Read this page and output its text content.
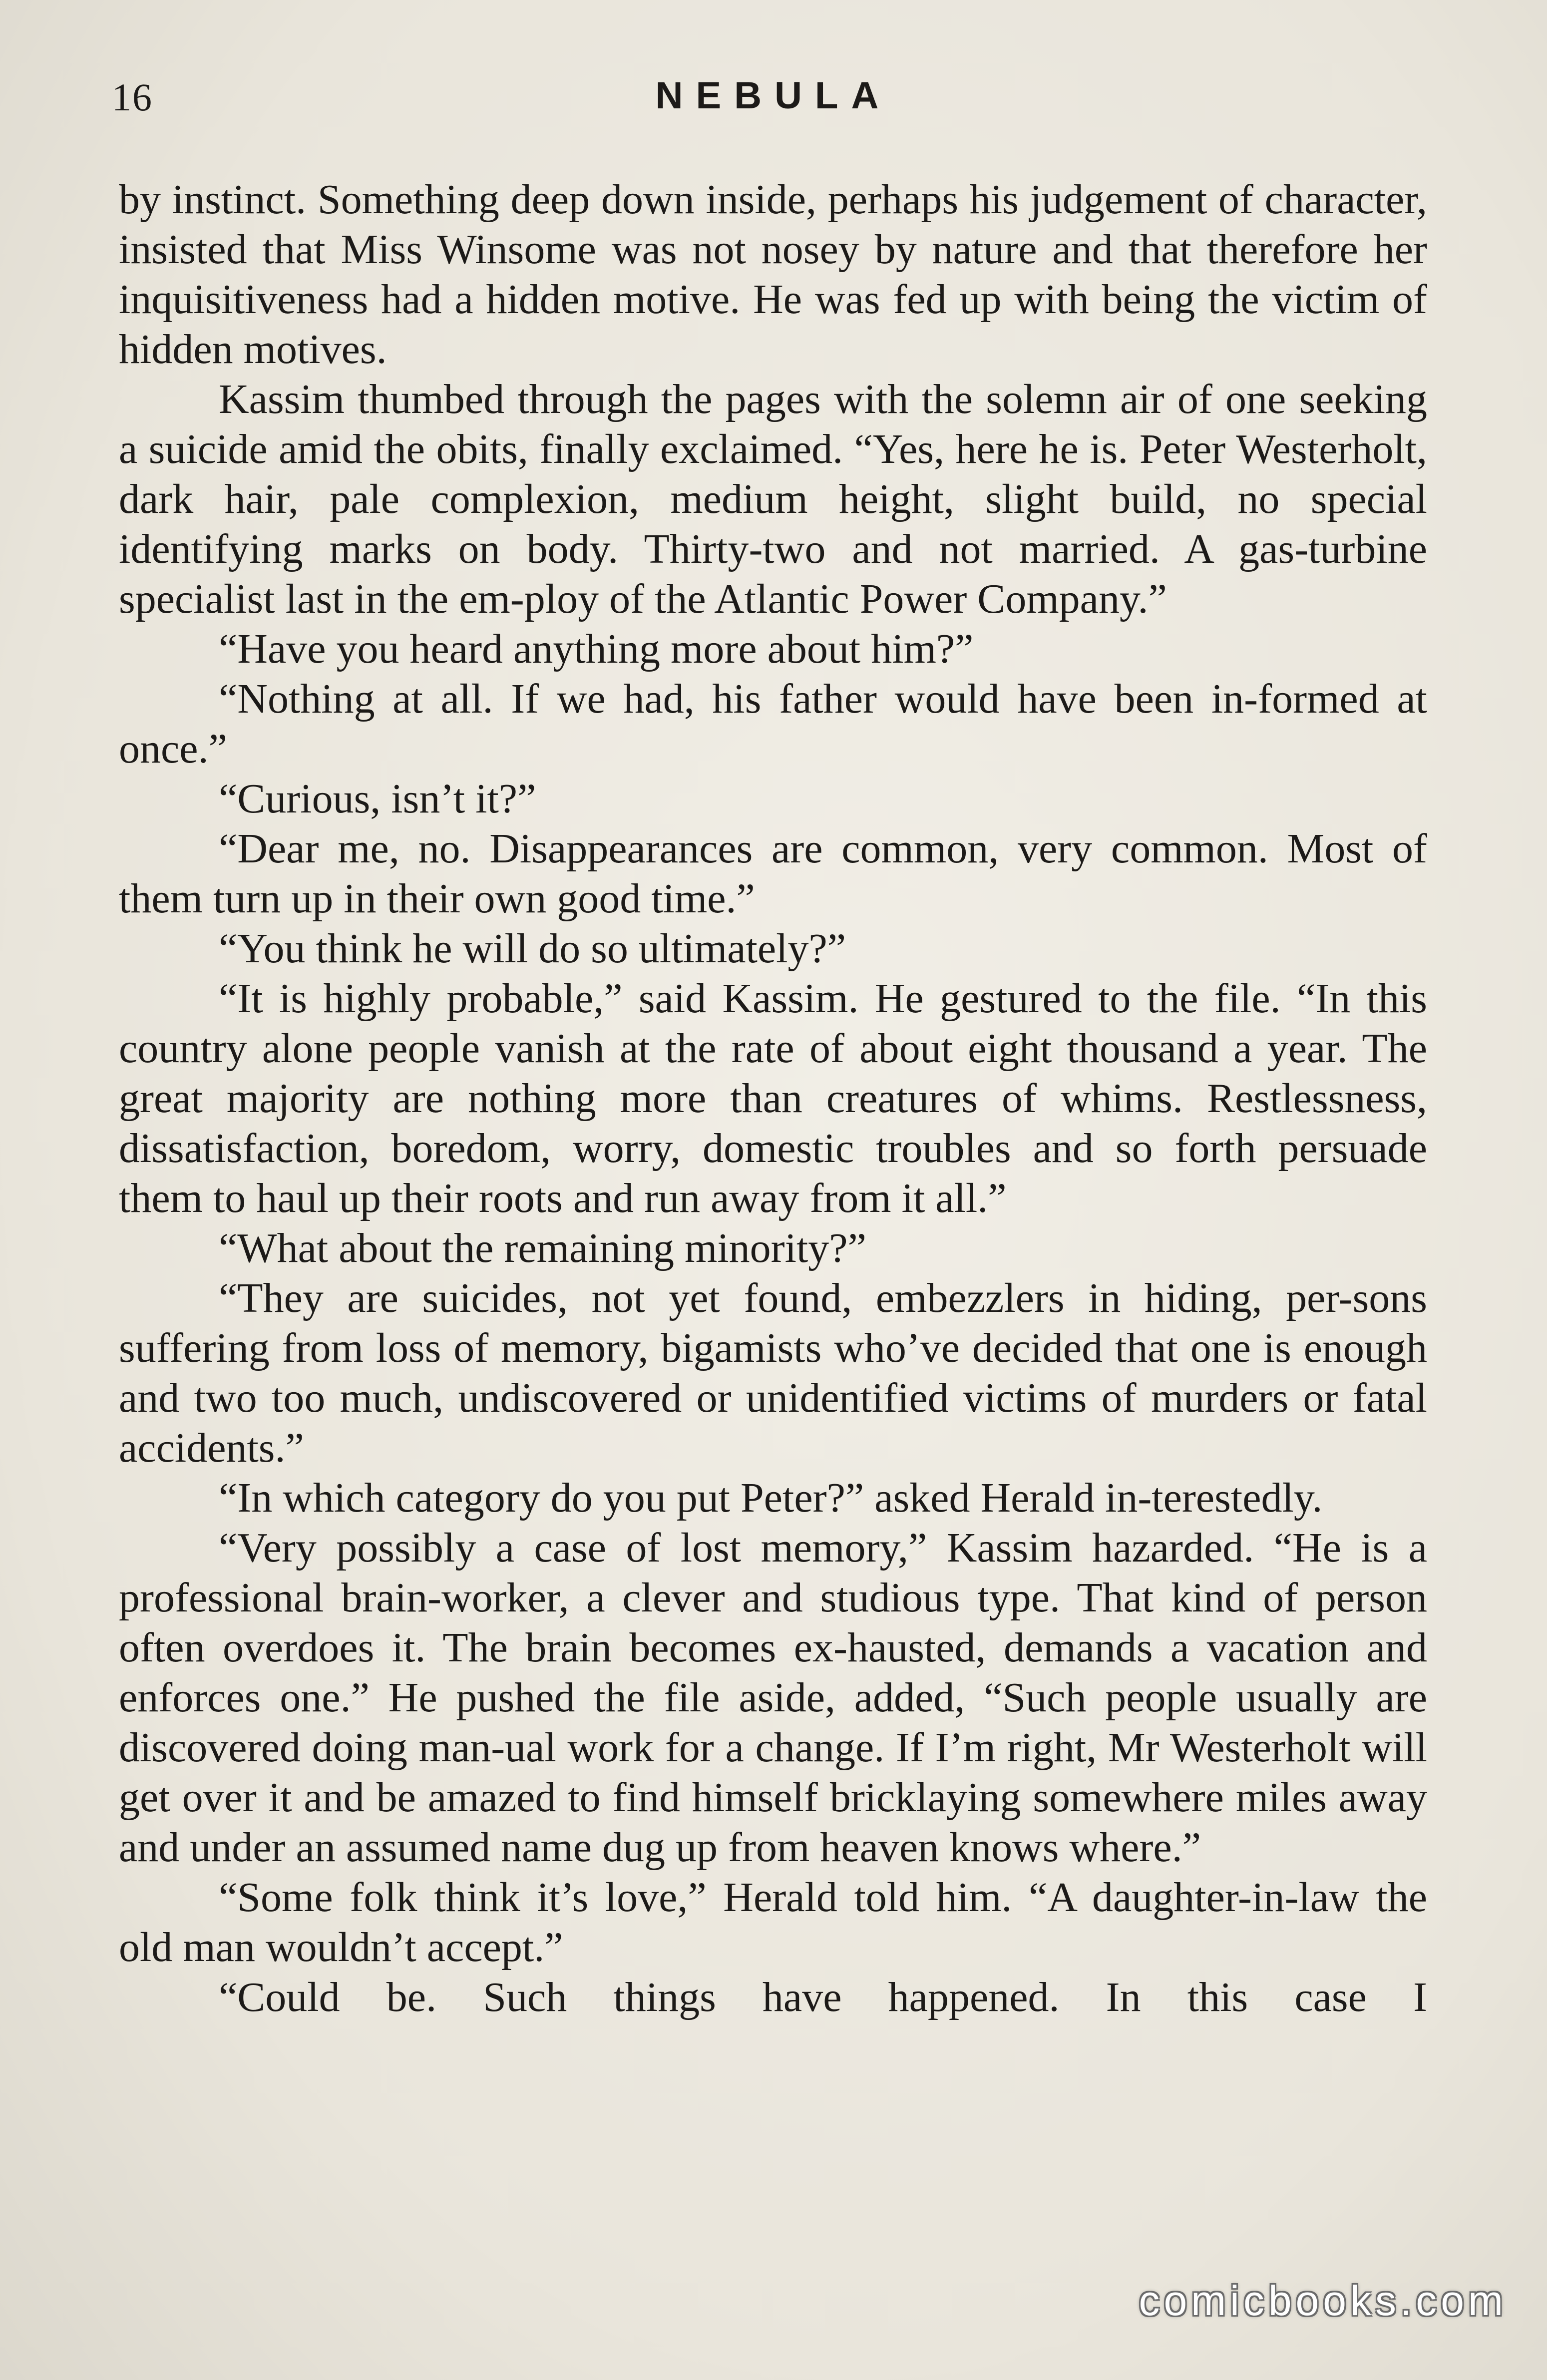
16	NEBULA

by instinct. Something deep down inside, perhaps his judgement of character, insisted that Miss Winsome was not nosey by nature and that therefore her inquisitiveness had a hidden motive. He was fed up with being the victim of hidden motives.

Kassim thumbed through the pages with the solemn air of one seeking a suicide amid the obits, finally exclaimed. “Yes, here he is. Peter Westerholt, dark hair, pale complexion, medium height, slight build, no special identifying marks on body. Thirty-two and not married. A gas-turbine specialist last in the em-ploy of the Atlantic Power Company.”

“Have you heard anything more about him?”

“Nothing at all. If we had, his father would have been in-formed at once.”

“Curious, isn’t it?”

“Dear me, no. Disappearances are common, very common. Most of them turn up in their own good time.”

“You think he will do so ultimately?”

“It is highly probable,” said Kassim. He gestured to the file. “In this country alone people vanish at the rate of about eight thousand a year. The great majority are nothing more than creatures of whims. Restlessness, dissatisfaction, boredom, worry, domestic troubles and so forth persuade them to haul up their roots and run away from it all.”

“What about the remaining minority?”

“They are suicides, not yet found, embezzlers in hiding, per-sons suffering from loss of memory, bigamists who’ve decided that one is enough and two too much, undiscovered or unidentified victims of murders or fatal accidents.”

“In which category do you put Peter?” asked Herald in-terestedly.

“Very possibly a case of lost memory,” Kassim hazarded. “He is a professional brain-worker, a clever and studious type. That kind of person often overdoes it. The brain becomes ex-hausted, demands a vacation and enforces one.” He pushed the file aside, added, “Such people usually are discovered doing man-ual work for a change. If I’m right, Mr Westerholt will get over it and be amazed to find himself bricklaying somewhere miles away and under an assumed name dug up from heaven knows where.”

“Some folk think it’s love,” Herald told him. “A daughter-in-law the old man wouldn’t accept.”

“Could be. Such things have happened. In this case I

comicbooks.com
